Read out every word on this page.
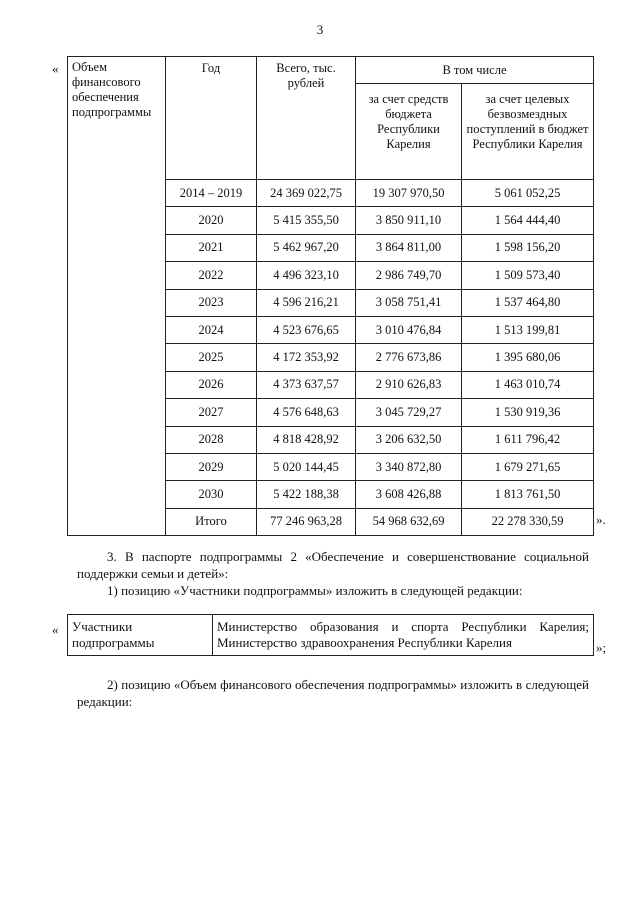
3
« Объем финансового обеспечения подпрограммы	Год	Всего, тыс. рублей	В том числе	
			за счет средств бюджета Республики Карелия	за счет целевых безвозмездных поступлений в бюджет Республики Карелия
	2014 – 2019	24 369 022,75	19 307 970,50	5 061 052,25
	2020	5 415 355,50	3 850 911,10	1 564 444,40
	2021	5 462 967,20	3 864 811,00	1 598 156,20
	2022	4 496 323,10	2 986 749,70	1 509 573,40
	2023	4 596 216,21	3 058 751,41	1 537 464,80
	2024	4 523 676,65	3 010 476,84	1 513 199,81
	2025	4 172 353,92	2 776 673,86	1 395 680,06
	2026	4 373 637,57	2 910 626,83	1 463 010,74
	2027	4 576 648,63	3 045 729,27	1 530 919,36
	2028	4 818 428,92	3 206 632,50	1 611 796,42
	2029	5 020 144,45	3 340 872,80	1 679 271,65
	2030	5 422 188,38	3 608 426,88	1 813 761,50
	Итого	77 246 963,28	54 968 632,69	22 278 330,59	».
3. В паспорте подпрограммы 2 «Обеспечение и совершенствование социальной поддержки семьи и детей»:
1) позицию «Участники подпрограммы» изложить в следующей редакции:
« Участники подпрограммы	Министерство образования и спорта Республики Карелия; Министерство здравоохранения Республики Карелия	»;
2) позицию «Объем финансового обеспечения подпрограммы» изложить в следующей редакции:
